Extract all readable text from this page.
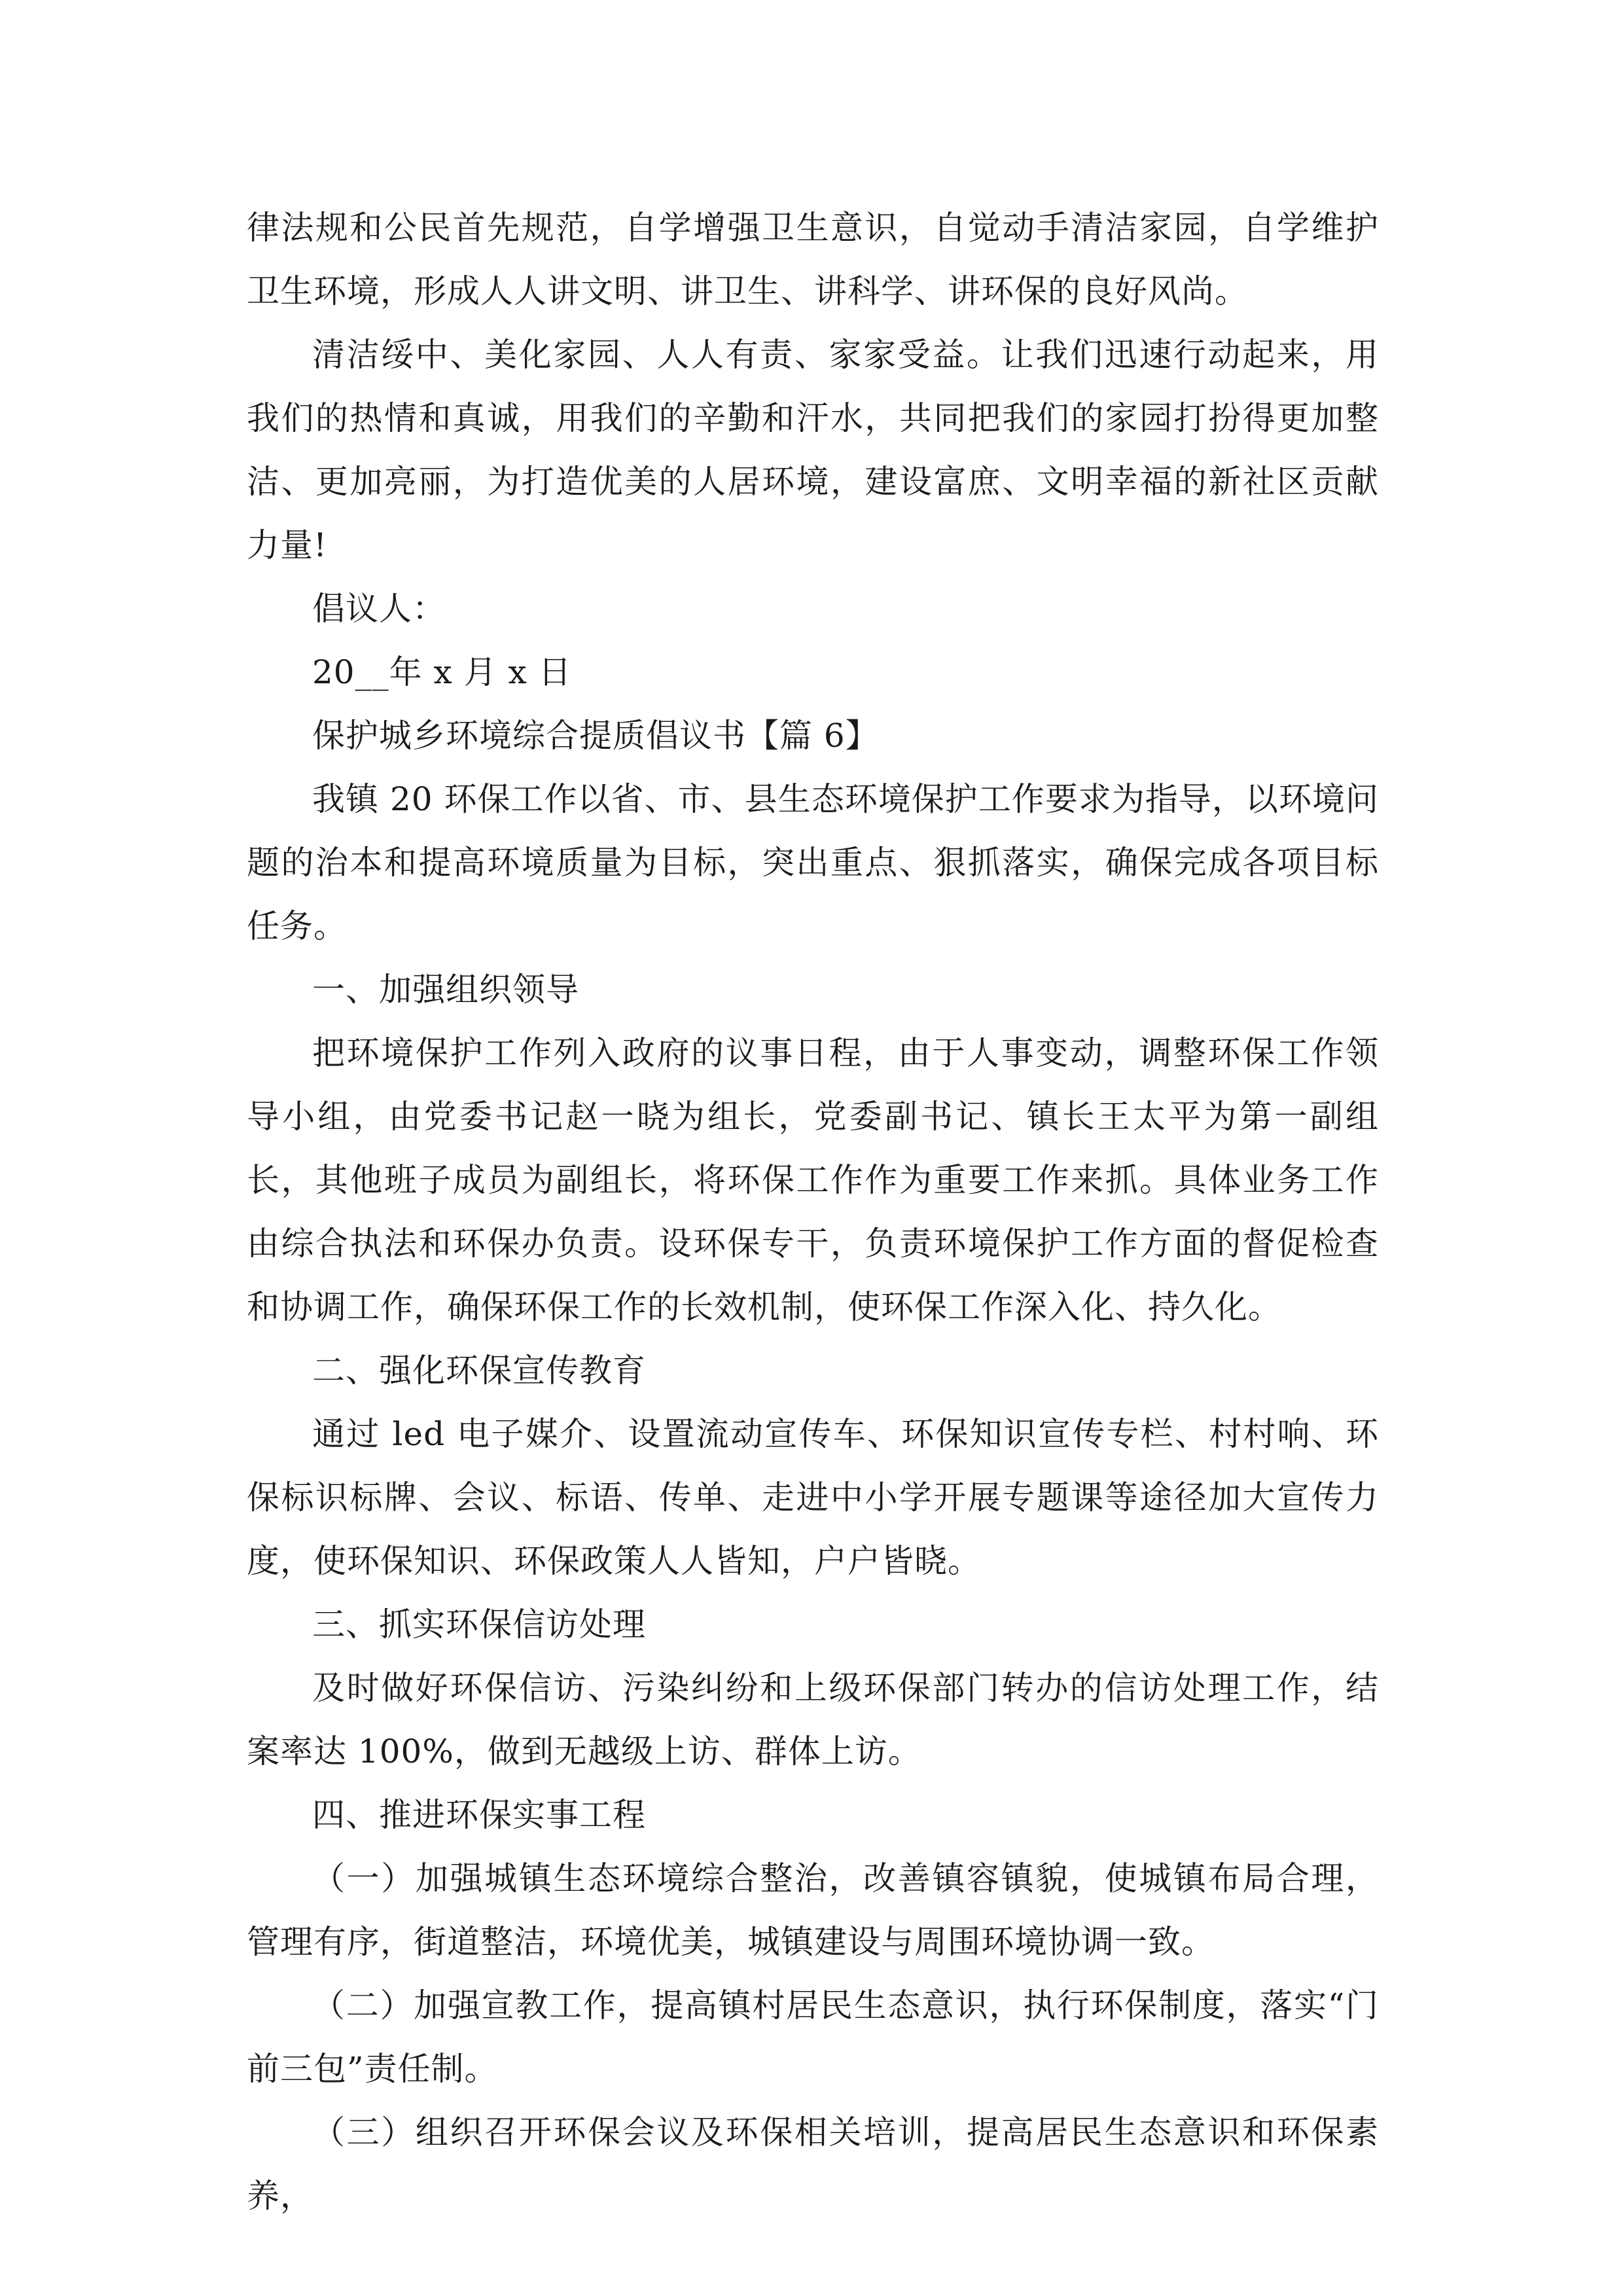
律法规和公民首先规范，自学增强卫生意识，自觉动手清洁家园，自学维护卫生环境，形成人人讲文明、讲卫生、讲科学、讲环保的良好风尚。

清洁绥中、美化家园、人人有责、家家受益。让我们迅速行动起来，用我们的热情和真诚，用我们的辛勤和汗水，共同把我们的家园打扮得更加整洁、更加亮丽，为打造优美的人居环境，建设富庶、文明幸福的新社区贡献力量!

倡议人：

20__年 x 月 x 日

保护城乡环境综合提质倡议书【篇 6】

我镇 20 环保工作以省、市、县生态环境保护工作要求为指导，以环境问题的治本和提高环境质量为目标，突出重点、狠抓落实，确保完成各项目标任务。

一、加强组织领导

把环境保护工作列入政府的议事日程，由于人事变动，调整环保工作领导小组，由党委书记赵一晓为组长，党委副书记、镇长王太平为第一副组长，其他班子成员为副组长，将环保工作作为重要工作来抓。具体业务工作由综合执法和环保办负责。设环保专干，负责环境保护工作方面的督促检查和协调工作，确保环保工作的长效机制，使环保工作深入化、持久化。

二、强化环保宣传教育

通过 led 电子媒介、设置流动宣传车、环保知识宣传专栏、村村响、环保标识标牌、会议、标语、传单、走进中小学开展专题课等途径加大宣传力度，使环保知识、环保政策人人皆知，户户皆晓。

三、抓实环保信访处理

及时做好环保信访、污染纠纷和上级环保部门转办的信访处理工作，结案率达 100%，做到无越级上访、群体上访。

四、推进环保实事工程

（一）加强城镇生态环境综合整治，改善镇容镇貌，使城镇布局合理，管理有序，街道整洁，环境优美，城镇建设与周围环境协调一致。

（二）加强宣教工作，提高镇村居民生态意识，执行环保制度，落实“门前三包”责任制。

（三）组织召开环保会议及环保相关培训，提高居民生态意识和环保素养，
